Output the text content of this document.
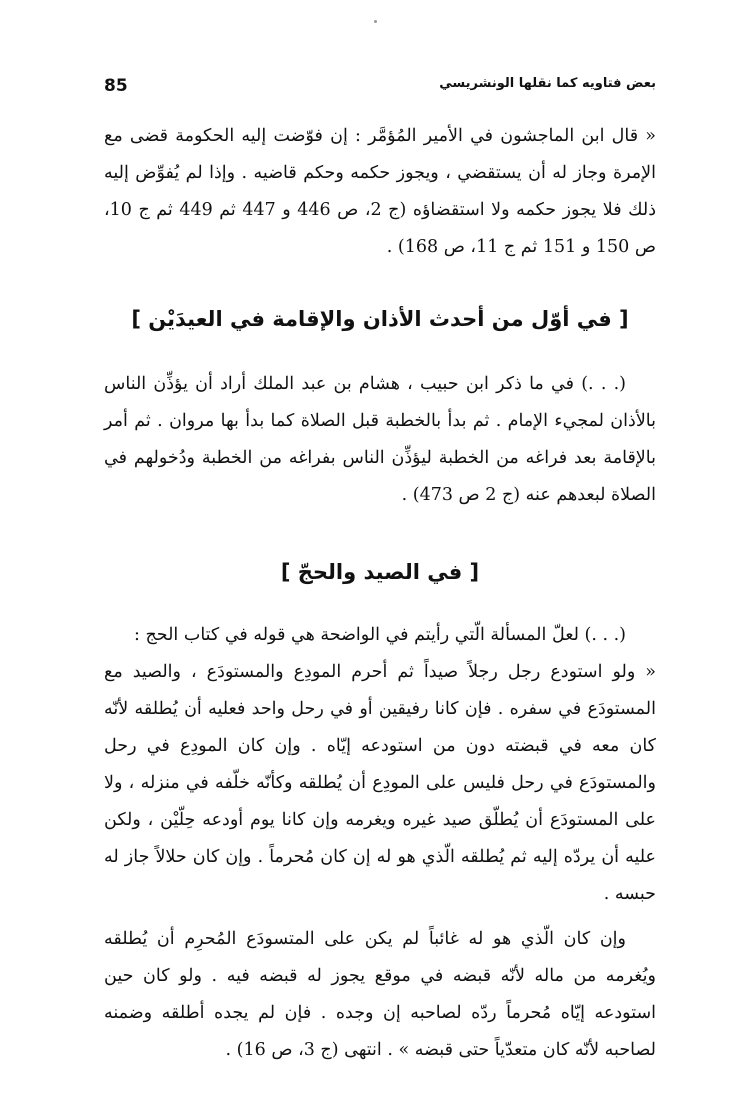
85	بعض فتاويه كما نقلها الونشريسي

« قال ابن الماجشون في الأمير المُؤمَّر : إن فوّضت إليه الحكومة قضى مع الإمرة وجاز له أن يستقضي ، ويجوز حكمه وحكم قاضيه . وإذا لم يُفوِّض إليه ذلك فلا يجوز حكمه ولا استقضاؤه (ج 2، ص 446 و 447 ثم 449 ثم ج 10، ص 150 و 151 ثم ج 11، ص 168) .

[ في أوّل من أحدث الأذان والإقامة في العيدَيْن ]

(. . .) في ما ذكر ابن حبيب ، هشام بن عبد الملك أراد أن يؤذِّن الناس بالأذان لمجيء الإمام . ثم بدأ بالخطبة قبل الصلاة كما بدأ بها مروان . ثم أمر بالإقامة بعد فراغه من الخطبة ليؤذِّن الناس بفراغه من الخطبة ودُخولهم في الصلاة لبعدهم عنه (ج 2 ص 473) .

[ في الصيد والحجّ ]

(. . .) لعلّ المسألة الّتي رأيتم في الواضحة هي قوله في كتاب الحج :

« ولو استودع رجل رجلاً صيداً ثم أحرم المودِع والمستودَع ، والصيد مع المستودَع في سفره . فإن كانا رفيقين أو في رحل واحد فعليه أن يُطلقه لأنّه كان معه في قبضته دون من استودعه إيّاه . وإن كان المودِع في رحل والمستودَع في رحل فليس على المودِع أن يُطلقه وكأنّه خلّفه في منزله ، ولا على المستودَع أن يُطلّق صيد غيره ويغرمه وإن كانا يوم أودعه حِلّيْن ، ولكن عليه أن يردّه إليه ثم يُطلقه الّذي هو له إن كان مُحرماً . وإن كان حلالاً جاز له حبسه .

وإن كان الّذي هو له غائباً لم يكن على المتسودَع المُحرِم أن يُطلقه ويُغرمه من ماله لأنّه قبضه في موقع يجوز له قبضه فيه . ولو كان حين استودعه إيّاه مُحرماً ردّه لصاحبه إن وجده . فإن لم يجده أطلقه وضمنه لصاحبه لأنّه كان متعدّياً حتى قبضه » . انتهى (ج 3، ص 16) .
